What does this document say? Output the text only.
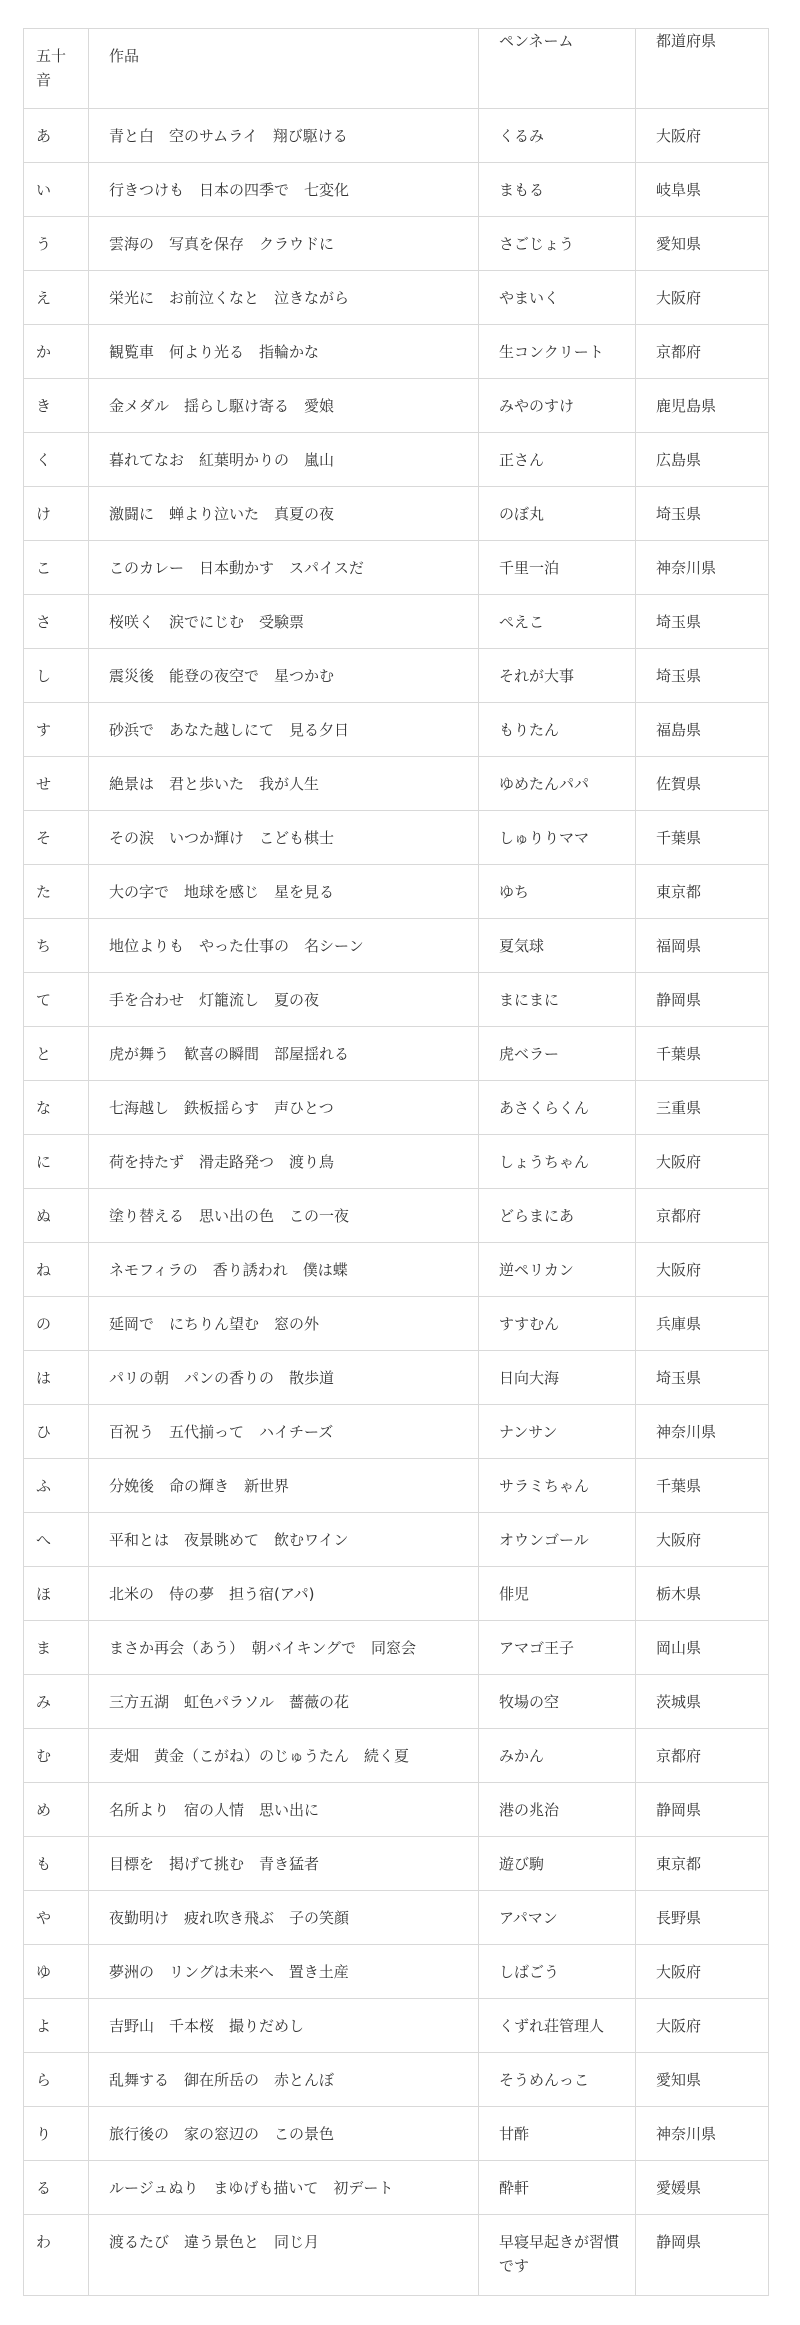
五十音	作品	ペンネーム	都道府県
あ	青と白　空のサムライ　翔び駆ける	くるみ	大阪府
い	行きつけも　日本の四季で　七変化	まもる	岐阜県
う	雲海の　写真を保存　クラウドに	さごじょう	愛知県
え	栄光に　お前泣くなと　泣きながら	やまいく	大阪府
か	観覧車　何より光る　指輪かな	生コンクリート	京都府
き	金メダル　揺らし駆け寄る　愛娘	みやのすけ	鹿児島県
く	暮れてなお　紅葉明かりの　嵐山	正さん	広島県
け	激闘に　蝉より泣いた　真夏の夜	のぼ丸	埼玉県
こ	このカレー　日本動かす　スパイスだ	千里一泊	神奈川県
さ	桜咲く　涙でにじむ　受験票	ぺえこ	埼玉県
し	震災後　能登の夜空で　星つかむ	それが大事	埼玉県
す	砂浜で　あなた越しにて　見る夕日	もりたん	福島県
せ	絶景は　君と歩いた　我が人生	ゆめたんパパ	佐賀県
そ	その涙　いつか輝け　こども棋士	しゅりりママ	千葉県
た	大の字で　地球を感じ　星を見る	ゆち	東京都
ち	地位よりも　やった仕事の　名シーン	夏気球	福岡県
て	手を合わせ　灯籠流し　夏の夜	まにまに	静岡県
と	虎が舞う　歓喜の瞬間　部屋揺れる	虎ベラー	千葉県
な	七海越し　鉄板揺らす　声ひとつ	あさくらくん	三重県
に	荷を持たず　滑走路発つ　渡り鳥	しょうちゃん	大阪府
ぬ	塗り替える　思い出の色　この一夜	どらまにあ	京都府
ね	ネモフィラの　香り誘われ　僕は蝶	逆ペリカン	大阪府
の	延岡で　にちりん望む　窓の外	すすむん	兵庫県
は	パリの朝　パンの香りの　散歩道	日向大海	埼玉県
ひ	百祝う　五代揃って　ハイチーズ	ナンサン	神奈川県
ふ	分娩後　命の輝き　新世界	サラミちゃん	千葉県
へ	平和とは　夜景眺めて　飲むワイン	オウンゴール	大阪府
ほ	北米の　侍の夢　担う宿(アパ)	俳児	栃木県
ま	まさか再会（あう）　朝バイキングで　同窓会	アマゴ王子	岡山県
み	三方五湖　虹色パラソル　薔薇の花	牧場の空	茨城県
む	麦畑　黄金（こがね）のじゅうたん　続く夏	みかん	京都府
め	名所より　宿の人情　思い出に	港の兆治	静岡県
も	目標を　掲げて挑む　青き猛者	遊び駒	東京都
や	夜勤明け　疲れ吹き飛ぶ　子の笑顔	アパマン	長野県
ゆ	夢洲の　リングは未来へ　置き土産	しばごう	大阪府
よ	吉野山　千本桜　撮りだめし	くずれ荘管理人	大阪府
ら	乱舞する　御在所岳の　赤とんぼ	そうめんっこ	愛知県
り	旅行後の　家の窓辺の　この景色	甘酢	神奈川県
る	ルージュぬり　まゆげも描いて　初デート	酔軒	愛媛県
わ	渡るたび　違う景色と　同じ月	早寝早起きが習慣です	静岡県
